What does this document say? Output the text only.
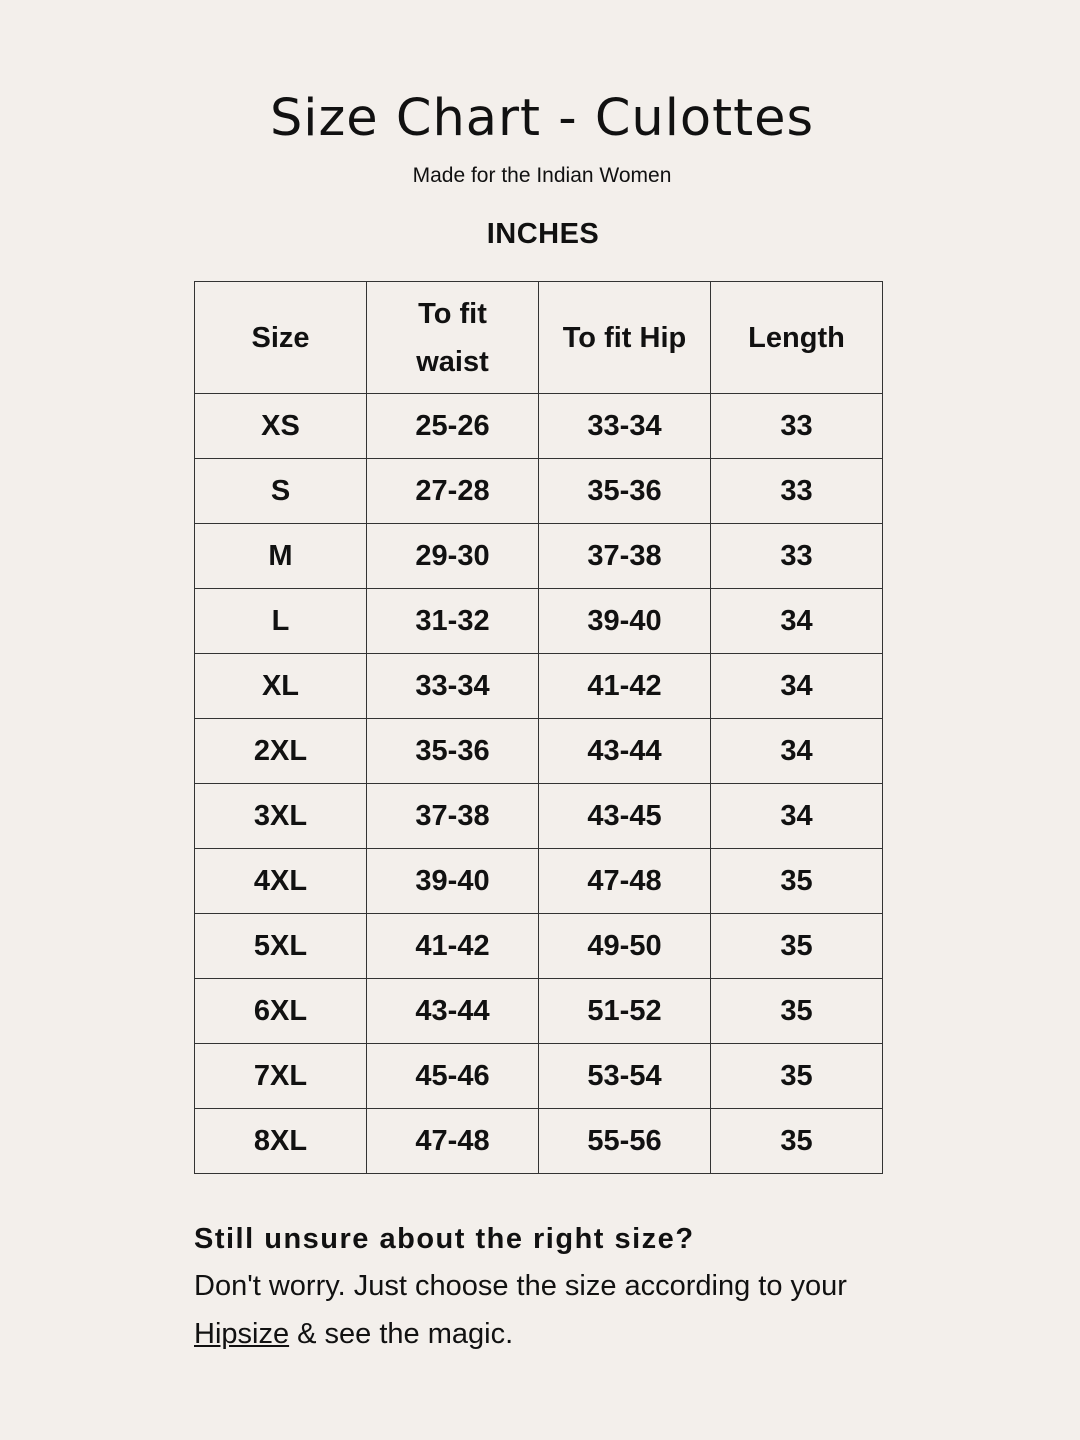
Size Chart - Culottes
Made for the Indian Women
INCHES
Size	To fit waist	To fit Hip	Length
XS	25-26	33-34	33
S	27-28	35-36	33
M	29-30	37-38	33
L	31-32	39-40	34
XL	33-34	41-42	34
2XL	35-36	43-44	34
3XL	37-38	43-45	34
4XL	39-40	47-48	35
5XL	41-42	49-50	35
6XL	43-44	51-52	35
7XL	45-46	53-54	35
8XL	47-48	55-56	35

Still unsure about the right size?

Don't worry. Just choose the size according to your Hipsize & see the magic.
